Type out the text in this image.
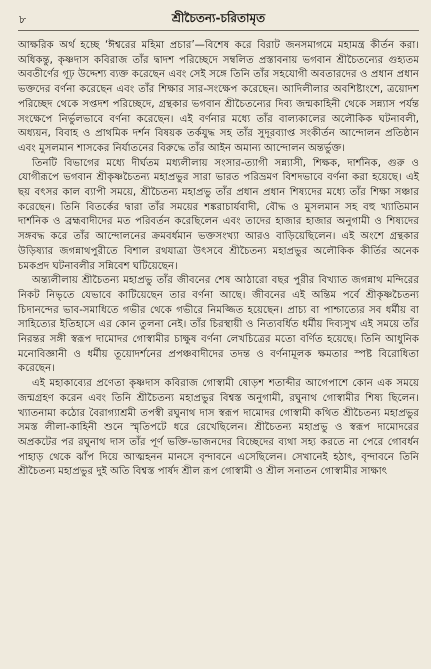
৮	শ্রীচৈতন্য-চরিতামৃত

আক্ষরিক অর্থ হচ্ছে ‘ঈশ্বরের মহিমা প্রচার’—বিশেষ করে বিরাট জনসমাগমে মহামন্ত্র কীর্তন করা। অধিকন্তু, কৃষ্ণদাস কবিরাজ তাঁর দ্বাদশ পরিচ্ছেদে সম্বলিত প্রস্তাবনায় ভগবান শ্রীচৈতন্যের গুহ্যতম অবতীর্ণের গূঢ় উদ্দেশ্য ব্যক্ত করেছেন এবং সেই সঙ্গে তিনি তাঁর সহযোগী অবতারদের ও প্রধান প্রধান ভক্তদের বর্ণনা করেছেন এবং তাঁর শিক্ষার সার-সংক্ষেপ করেছেন। আদিলীলার অবশিষ্টাংশে, ত্রয়োদশ পরিচ্ছেদ থেকে সপ্তদশ পরিচ্ছেদে, গ্রন্থকার ভগবান শ্রীচৈতন্যের দিব্য জন্মকাহিনী থেকে সন্ন্যাস পর্যন্ত সংক্ষেপে নির্ভুলভাবে বর্ণনা করেছেন। এই বর্ণনার মধ্যে তাঁর বাল্যকালের অলৌকিক ঘটনাবলী, অধ্যয়ন, বিবাহ ও প্রাথমিক দর্শন বিষয়ক তর্কযুদ্ধ সহ তাঁর সুদূরব্যাপ্ত সংকীর্তন আন্দোলন প্রতিষ্ঠান এবং মুসলমান শাসকের নির্যাতনের বিরুদ্ধে তাঁর আইন অমান্য আন্দোলন অন্তর্ভুক্ত।

তিনটি বিভাগের মধ্যে দীর্ঘতম মধ্যলীলায় সংসার-ত্যাগী সন্ন্যাসী, শিক্ষক, দার্শনিক, গুরু ও যোগীরূপে ভগবান শ্রীকৃষ্ণচৈতন্য মহাপ্রভুর সারা ভারত পরিভ্রমণ বিশদভাবে বর্ণনা করা হয়েছে। এই ছয় বৎসর কাল ব্যাপী সময়ে, শ্রীচৈতন্য মহাপ্রভু তাঁর প্রধান প্রধান শিষ্যদের মধ্যে তাঁর শিক্ষা সঞ্চার করেছেন। তিনি বিতর্কের দ্বারা তাঁর সময়ের শঙ্করাচার্যবাদী, বৌদ্ধ ও মুসলমান সহ বহু খ্যাতিমান দার্শনিক ও ব্রহ্মবাদীদের মত পরিবর্তন করেছিলেন এবং তাদের হাজার হাজার অনুগামী ও শিষ্যদের সঙ্গবদ্ধ করে তাঁর আন্দোলনের ক্রমবর্ধমান ভক্তসংখ্যা আরও বাড়িয়েছিলেন। এই অংশে গ্রন্থকার উড়িষ্যার জগন্নাথপুরীতে বিশাল রথযাত্রা উৎসবে শ্রীচৈতন্য মহাপ্রভুর অলৌকিক কীর্তির অনেক চমকপ্রদ ঘটনাবলীর সন্নিবেশ ঘটিয়েছেন।

অন্ত্যলীলায় শ্রীচৈতন্য মহাপ্রভু তাঁর জীবনের শেষ আঠারো বছর পুরীর বিখ্যাত জগন্নাথ মন্দিরের নিকট নিভৃতে যেভাবে কাটিয়েছেন তার বর্ণনা আছে। জীবনের এই অন্তিম পর্বে শ্রীকৃষ্ণচৈতন্য চিদানন্দের ভাব-সমাধিতে গভীর থেকে গভীরে নিমজ্জিত হয়েছেন। প্রাচ্য বা পাশ্চাত্যের সব ধর্মীয় বা সাহিত্যের ইতিহাসে এর কোন তুলনা নেই। তাঁর চিরস্থায়ী ও নিত্যবর্ধিত ধর্মীয় দিব্যসুখ এই সময়ে তাঁর নিরন্তর সঙ্গী স্বরূপ দামোদর গোস্বামীর চাক্ষুষ বর্ণনা লেখচিত্রের মতো বর্ণিত হয়েছে। তিনি আধুনিক মনোবিজ্ঞানী ও ধর্মীয় তূয়োদর্শনের প্রপঞ্চবাদীদের তদন্ত ও বর্ণনামূলক ক্ষমতার স্পষ্ট বিরোধিতা করেছেন।

এই মহাকাব্যের প্রণেতা কৃষ্ণদাস কবিরাজ গোস্বামী ষোড়শ শতাব্দীর আগেপাশে কোন এক সময়ে জন্মগ্রহণ করেন এবং তিনি শ্রীচৈতন্য মহাপ্রভুর বিশ্বস্ত অনুগামী, রঘুনাথ গোস্বামীর শিষ্য ছিলেন। খ্যাতনামা কঠোর বৈরাগ্যাশ্রমী তপস্বী রঘুনাথ দাস স্বরূপ দামোদর গোস্বামী কথিত শ্রীচৈতন্য মহাপ্রভুর সমস্ত লীলা-কাহিনী শুনে স্মৃতিপটে ধরে রেখেছিলেন। শ্রীচৈতন্য মহাপ্রভু ও স্বরূপ দামোদরের অপ্রকটের পর রঘুনাথ দাস তাঁর পূর্ণ ভক্তি-ভাজনদের বিচ্ছেদের ব্যথা সহ্য করতে না পেরে গোবর্ধন পাহাড় থেকে ঝাঁপ দিয়ে আত্মহনন মানসে বৃন্দাবনে এসেছিলেন। সেখানেই হঠাৎ, বৃন্দাবনে তিনি শ্রীচৈতন্য মহাপ্রভুর দুই অতি বিশ্বস্ত পার্ষদ শ্রীল রূপ গোস্বামী ও শ্রীল সনাতন গোস্বামীর সাক্ষাৎ
